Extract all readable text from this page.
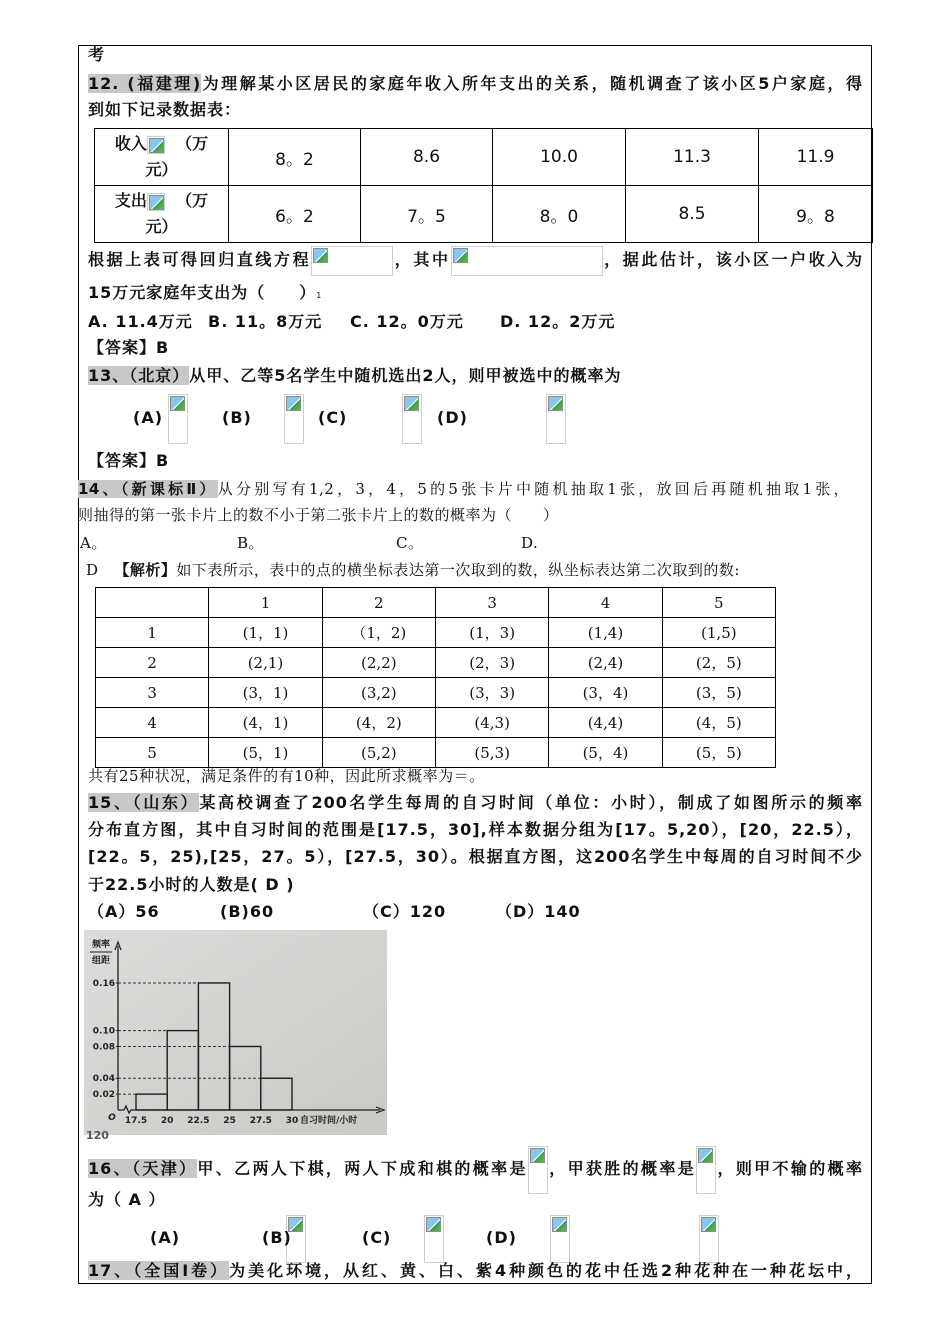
考
12. (福建理)为理解某小区居民的家庭年收入所年支出的关系，随机调查了该小区5户家庭，得
到如下记录数据表：
收入 （万
元）	8。2	8.6	10.0	11.3	11.9

支出 （万
元）	6。2	7。5	8。0	8.5	9。8
根据上表可得回归直线方程	，其中	，据此估计，该小区一户收入为
15万元家庭年支出为（　　）1
A. 11.4万元 B. 11。8万元 C. 12。0万元 D. 12。2万元
【答案】B
13、（北京）从甲、乙等5名学生中随机选出2人，则甲被选中的概率为
(A)
	(B)
	(C)
	(D)

【答案】B
14、（新课标Ⅱ）从分别写有1,2，3，4，5的5张卡片中随机抽取1张，放回后再随机抽取1张，
则抽得的第一张卡片上的数不小于第二张卡片上的数的概率为（　　）
A。	B。	C。	D.
D 【解析】如下表所示，表中的点的横坐标表达第一次取到的数，纵坐标表达第二次取到的数:
	1	2	3	4	5
1	(1，1)	（1，2)	(1，3)	(1,4)	(1,5)
2	(2,1)	(2,2)	(2，3)	(2,4)	(2，5)
3	(3，1)	(3,2)	(3，3)	(3，4)	(3，5)
4	(4，1)	(4，2)	(4,3)	(4,4)	(4，5)
5	(5，1)	(5,2)	(5,3)	(5，4)	(5，5)
共有25种状况，满足条件的有10种，因此所求概率为＝。
15、（山东）某高校调查了200名学生每周的自习时间（单位：小时），制成了如图所示的频率
分布直方图，其中自习时间的范围是[17.5，30],样本数据分组为[17。5,20），[20，22.5），
[22。5，25),[25，27。5），[27.5，30）。根据直方图，这200名学生中每周的自习时间不少
于22.5小时的人数是( D )
（A）56	(B)60	（C）120	（D）140
0.02
0.04
0.08
0.10
0.16
17.5 20 22.5 25 27.5 30
O	自习时间/小时
频率
组距
120
16、（天津）甲、乙两人下棋，两人下成和棋的概率是 ，甲获胜的概率是 ，则甲不输的概率
为（ A ）
(A)
	(B)
	(C)
	(D)
17、（全国Ⅰ卷）为美化环境，从红、黄、白、紫4种颜色的花中任选2种花种在一种花坛中，
